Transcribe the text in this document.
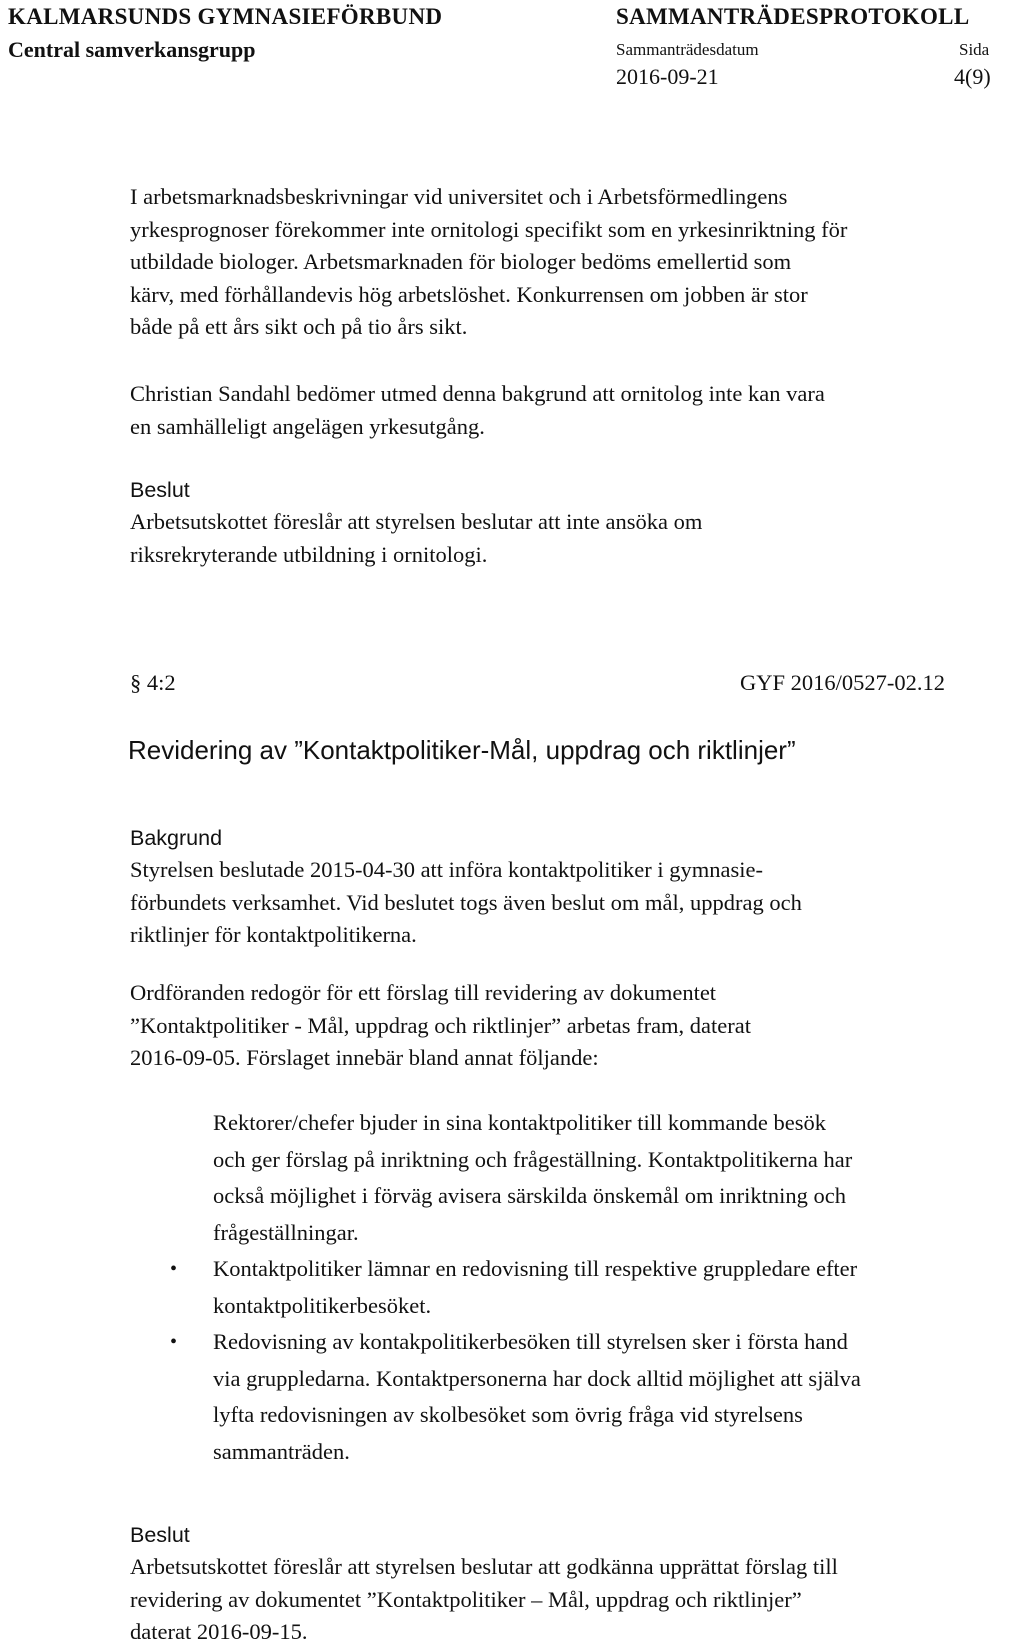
KALMARSUNDS GYMNASIEFÖRBUND
Central samverkansgrupp
SAMMANTRÄDESPROTOKOLL
Sammanträdesdatum	Sida
2016-09-21	4(9)

I arbetsmarknadsbeskrivningar vid universitet och i Arbetsförmedlingens
yrkesprognoser förekommer inte ornitologi specifikt som en yrkesinriktning för
utbildade biologer. Arbetsmarknaden för biologer bedöms emellertid som
kärv, med förhållandevis hög arbetslöshet. Konkurrensen om jobben är stor
både på ett års sikt och på tio års sikt.

Christian Sandahl bedömer utmed denna bakgrund att ornitolog inte kan vara
en samhälleligt angelägen yrkesutgång.

Beslut

Arbetsutskottet föreslår att styrelsen beslutar att inte ansöka om
riksrekryterande utbildning i ornitologi.

§ 4:2	GYF 2016/0527-02.12
Revidering av ”Kontaktpolitiker-Mål, uppdrag och riktlinjer”
Bakgrund

Styrelsen beslutade 2015-04-30 att införa kontaktpolitiker i gymnasie-
förbundets verksamhet. Vid beslutet togs även beslut om mål, uppdrag och
riktlinjer för kontaktpolitikerna.

Ordföranden redogör för ett förslag till revidering av dokumentet
”Kontaktpolitiker - Mål, uppdrag och riktlinjer” arbetas fram, daterat
2016-09-05. Förslaget innebär bland annat följande:

Rektorer/chefer bjuder in sina kontaktpolitiker till kommande besök
och ger förslag på inriktning och frågeställning. Kontaktpolitikerna har
också möjlighet i förväg avisera särskilda önskemål om inriktning och
frågeställningar.
• Kontaktpolitiker lämnar en redovisning till respektive gruppledare efter
kontaktpolitikerbesöket.
• Redovisning av kontakpolitikerbesöken till styrelsen sker i första hand
via gruppledarna. Kontaktpersonerna har dock alltid möjlighet att själva
lyfta redovisningen av skolbesöket som övrig fråga vid styrelsens
sammanträden.
Beslut

Arbetsutskottet föreslår att styrelsen beslutar att godkänna upprättat förslag till
revidering av dokumentet ”Kontaktpolitiker – Mål, uppdrag och riktlinjer”
daterat 2016-09-15.
